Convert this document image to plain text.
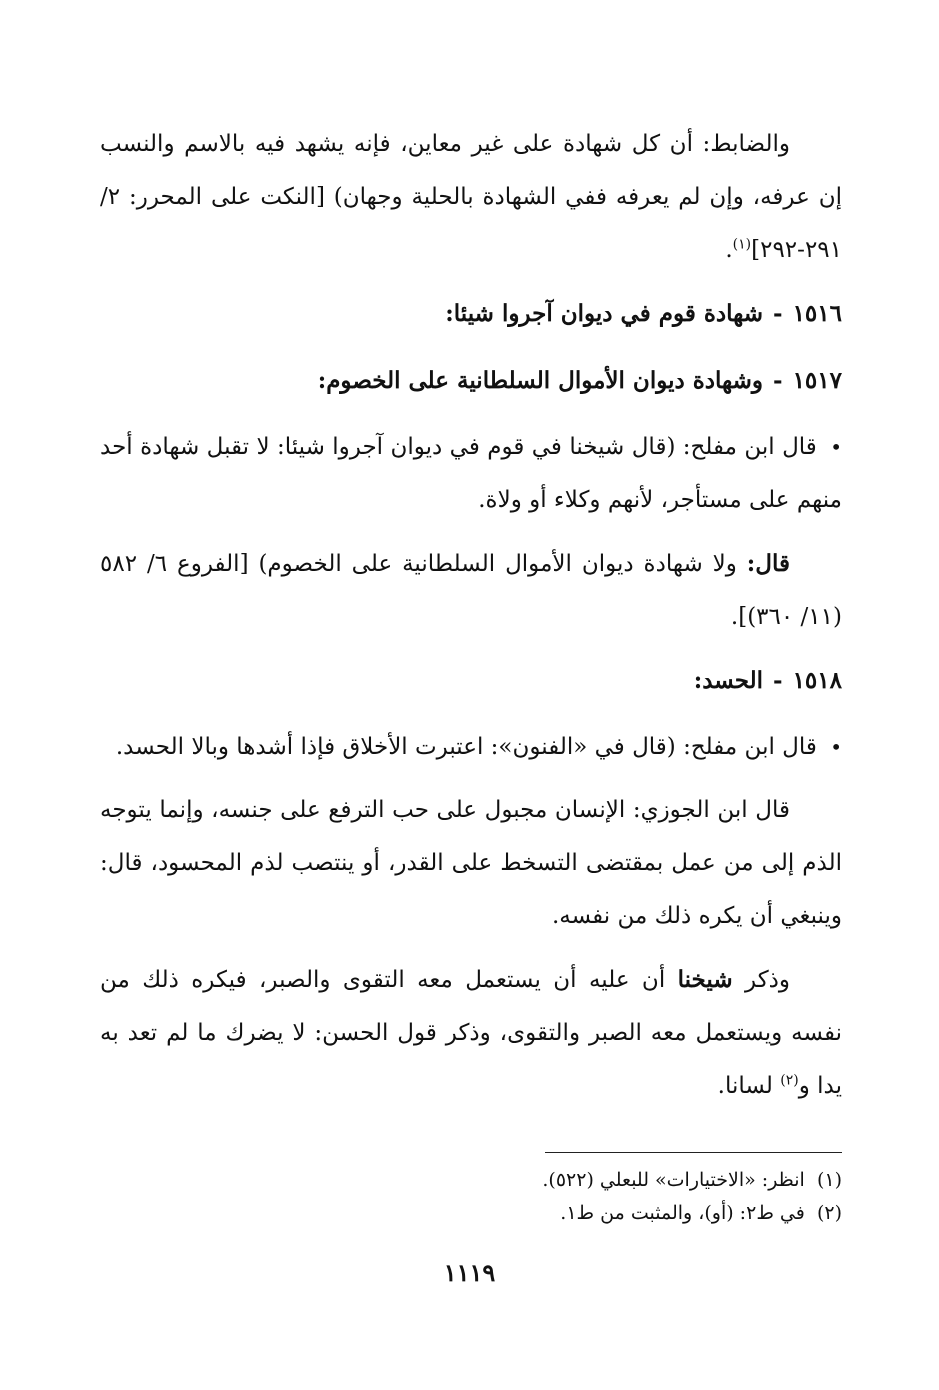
والضابط: أن كل شهادة على غير معاين، فإنه يشهد فيه بالاسم والنسب إن عرفه، وإن لم يعرفه ففي الشهادة بالحلية وجهان) [النكت على المحرر: ٢/ ٢٩١-٢٩٢]$^{(١)}$.

١٥١٦-شهادة قوم في ديوان آجروا شيئا:

١٥١٧-وشهادة ديوان الأموال السلطانية على الخصوم:

• قال ابن مفلح: (قال شيخنا في قوم في ديوان آجروا شيئا: لا تقبل شهادة أحد منهم على مستأجر، لأنهم وكلاء أو ولاة.

قال: ولا شهادة ديوان الأموال السلطانية على الخصوم) [الفروع ٦/ ٥٨٢ (١١/ ٣٦٠)].

١٥١٨-الحسد:

• قال ابن مفلح: (قال في «الفنون»: اعتبرت الأخلاق فإذا أشدها وبالا الحسد.

قال ابن الجوزي: الإنسان مجبول على حب الترفع على جنسه، وإنما يتوجه الذم إلى من عمل بمقتضى التسخط على القدر، أو ينتصب لذم المحسود، قال: وينبغي أن يكره ذلك من نفسه.

وذكر شيخنا أن عليه أن يستعمل معه التقوى والصبر، فيكره ذلك من نفسه ويستعمل معه الصبر والتقوى، وذكر قول الحسن: لا يضرك ما لم تعد به يدا و$^{(٢)}$ لسانا.

(١)  انظر: «الاختيارات» للبعلي (٥٢٢).

(٢)  في ط٢: (أو)، والمثبت من ط١.

١١١٩
